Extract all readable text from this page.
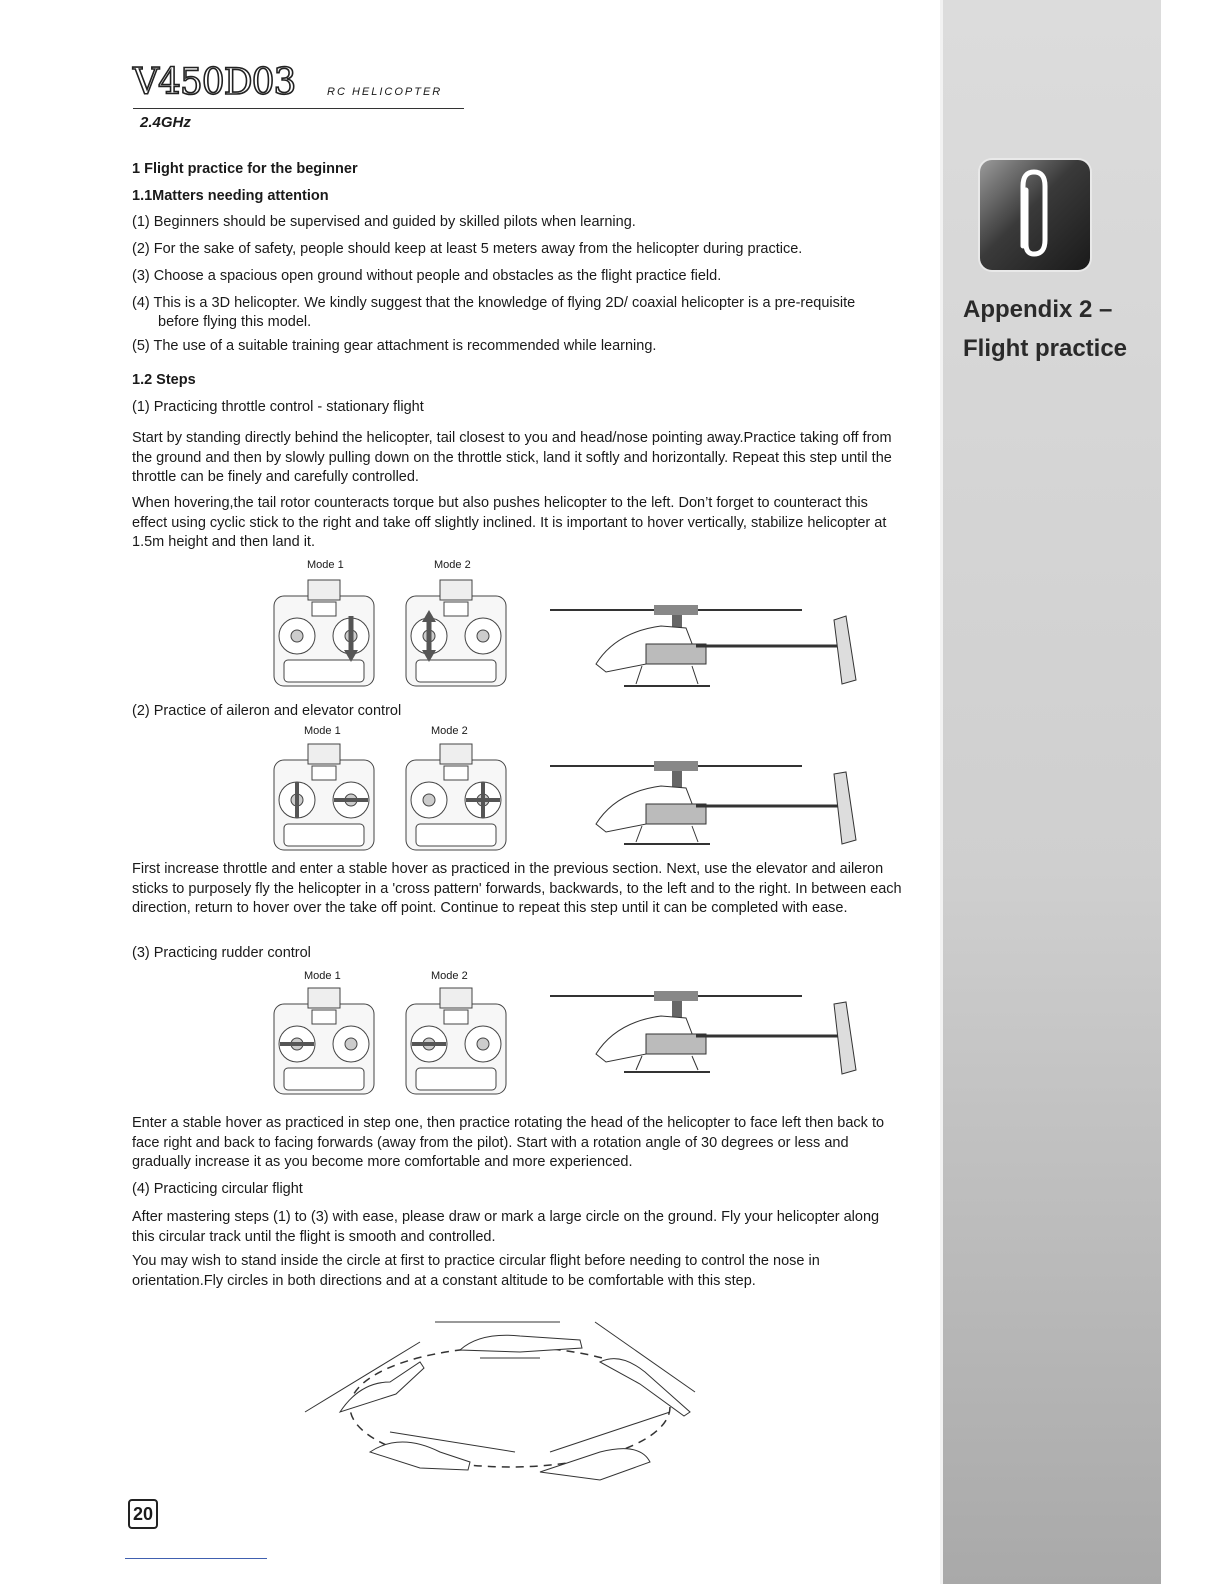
Appendix 2 –
Flight practice
V450D03	RC HELICOPTER
2.4GHz
1 Flight practice for the beginner
1.1Matters needing attention
(1) Beginners should be supervised and guided by skilled pilots when learning.
(2) For the sake of safety, people should keep at least 5 meters away from the helicopter during practice.
(3) Choose a spacious open ground without people and obstacles as the flight practice field.
(4) This is a 3D helicopter. We kindly suggest that the knowledge of flying 2D/ coaxial helicopter is a pre-requisite
before flying this model.
(5) The use of a suitable training gear attachment is recommended while learning.
1.2 Steps
(1) Practicing throttle control - stationary flight
Start by standing directly behind the helicopter, tail closest to you and head/nose pointing away.Practice taking off from the ground and then by slowly pulling down on the throttle stick, land it softly and horizontally. Repeat this step until the throttle can be finely and carefully controlled.
When hovering,the tail rotor counteracts torque but also pushes helicopter to the left. Don’t forget to counteract this effect using cyclic stick to the right and take off slightly inclined. It is important to hover vertically, stabilize helicopter at 1.5m height and then land it.
Mode 1	Mode 2
(2) Practice of aileron and elevator control
Mode 1	Mode 2
First increase throttle and enter a stable hover as practiced in the previous section. Next, use the elevator and aileron sticks to purposely fly the helicopter in a 'cross pattern' forwards, backwards, to the left and to the right. In between each direction, return to hover over the take off point. Continue to repeat this step until it can be completed with ease.
(3) Practicing rudder control
Mode 1	Mode 2
Enter a stable hover as practiced in step one, then practice rotating the head of the helicopter to face left then back to face right and back to facing forwards (away from the pilot). Start with a rotation angle of 30 degrees or less and gradually increase it as you become more comfortable and more experienced.
(4) Practicing circular flight
After mastering steps (1) to (3) with ease, please draw or mark a large circle on the ground. Fly your helicopter along this circular track until the flight is smooth and controlled.
You may wish to stand inside the circle at first to practice circular flight before needing to control the nose in orientation.Fly circles in both directions and at a constant altitude to be comfortable with this step.
20
